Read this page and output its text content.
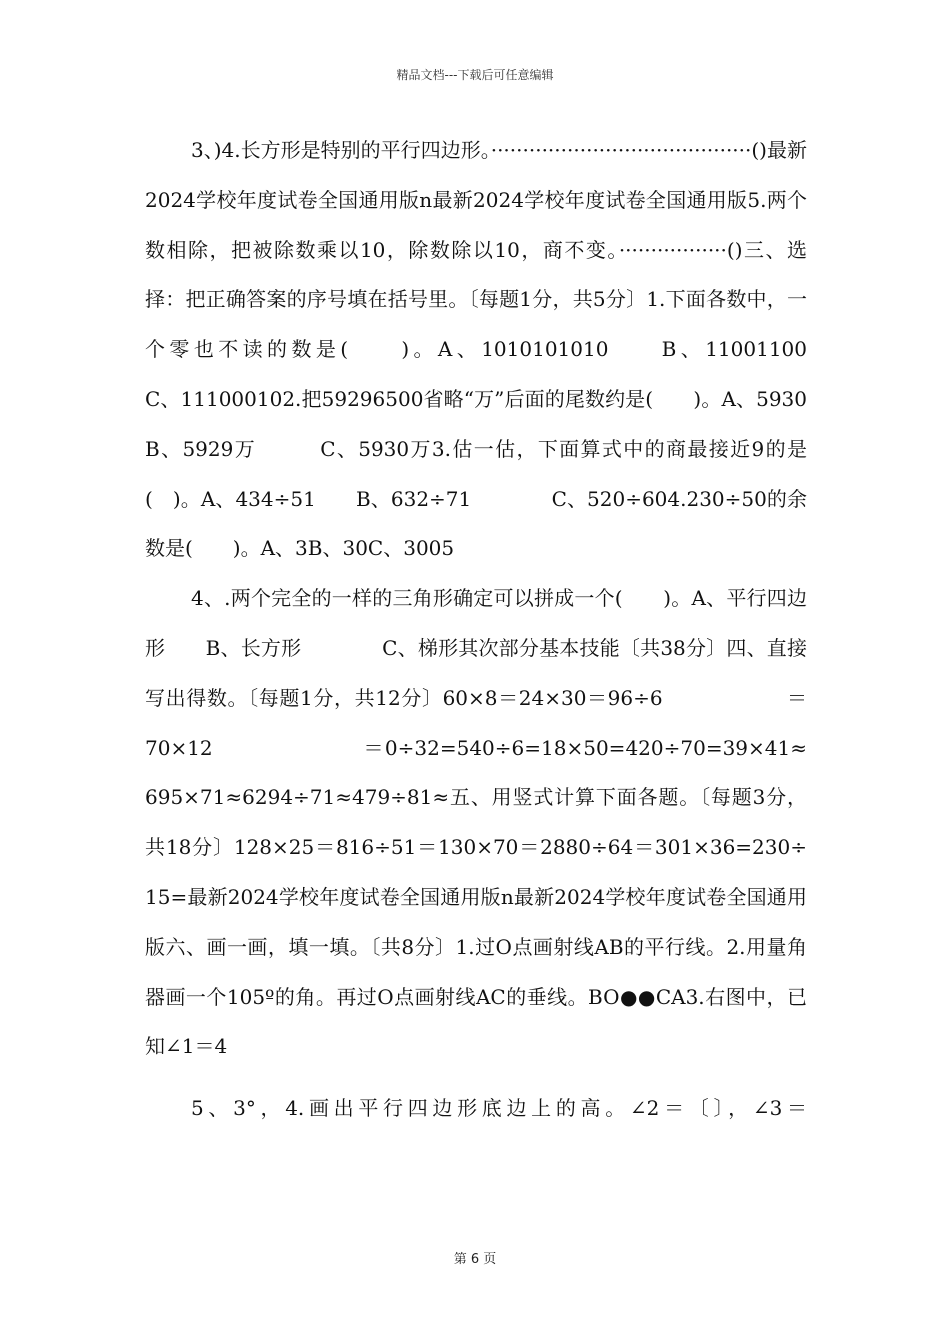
精品文档---下载后可任意编辑

3、)4.长方形是特别的平行四边形。·········································()最新2024学校年度试卷全国通用版n最新2024学校年度试卷全国通用版5.两个数相除，把被除数乘以10，除数除以10，商不变。·················()三、选择：把正确答案的序号填在括号里。〔每题1分，共5分〕1.下面各数中，一个零也不读的数是(　　)。A、1010101010　　B、11001100　　　C、111000102.把59296500省略“万”后面的尾数约是(　　)。A、5930　　B、5929万　　　C、5930万3.估一估，下面算式中的商最接近9的是(　)。A、434÷51　　B、632÷71　　　　C、520÷604.230÷50的余数是(　　)。A、3B、30C、3005

4、.两个完全的一样的三角形确定可以拼成一个(　　)。A、平行四边形　　B、长方形　　　　C、梯形其次部分基本技能〔共38分〕四、直接写出得数。〔每题1分，共12分〕60×8＝24×30＝96÷6　　　　　　＝　　　　　　　70×12　　　　　　　＝0÷32=540÷6=18×50=420÷70=39×41≈695×71≈6294÷71≈479÷81≈五、用竖式计算下面各题。〔每题3分，共18分〕128×25＝816÷51＝130×70＝2880÷64＝301×36=230÷15=最新2024学校年度试卷全国通用版n最新2024学校年度试卷全国通用版六、画一画，填一填。〔共8分〕1.过O点画射线AB的平行线。2.用量角器画一个105º的角。再过O点画射线AC的垂线。BO●●CA3.右图中，已知∠1＝4

5、3°，4.画出平行四边形底边上的高。∠2＝〔〕，∠3＝

第 6 页
